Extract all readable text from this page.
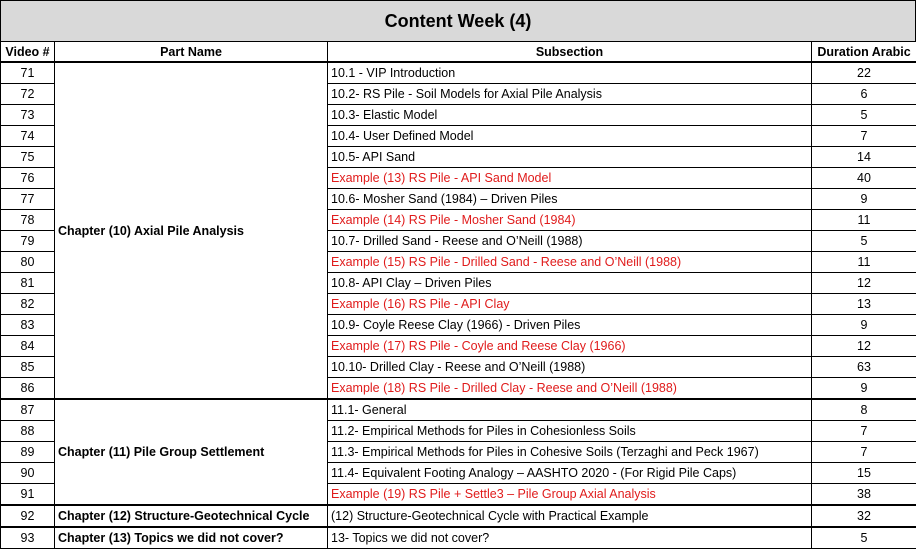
Content Week (4)
Video #	Part Name	Subsection	Duration Arabic
71	Chapter (10) Axial Pile Analysis	10.1 - VIP Introduction	22
72		10.2- RS Pile - Soil Models for Axial Pile Analysis	6
73		10.3- Elastic Model	5
74		10.4- User Defined Model	7
75		10.5- API Sand	14
76		Example (13) RS Pile - API Sand Model	40
77		10.6- Mosher Sand (1984) – Driven Piles	9
78		Example (14) RS Pile - Mosher Sand (1984)	11
79		10.7- Drilled Sand - Reese and O’Neill (1988)	5
80		Example (15) RS Pile - Drilled Sand - Reese and O’Neill (1988)	11
81		10.8- API Clay – Driven Piles	12
82		Example (16) RS Pile - API Clay	13
83		10.9- Coyle Reese Clay (1966) - Driven Piles	9
84		Example (17) RS Pile - Coyle and Reese Clay (1966)	12
85		10.10- Drilled Clay - Reese and O’Neill (1988)	63
86		Example (18) RS Pile - Drilled Clay - Reese and O’Neill (1988)	9
87	Chapter (11) Pile Group Settlement	11.1- General	8
88		11.2- Empirical Methods for Piles in Cohesionless Soils	7
89		11.3- Empirical Methods for Piles in Cohesive Soils (Terzaghi and Peck 1967)	7
90		11.4- Equivalent Footing Analogy – AASHTO 2020 - (For Rigid Pile Caps)	15
91		Example (19) RS Pile + Settle3 – Pile Group Axial Analysis	38
92	Chapter (12) Structure-Geotechnical Cycle	(12) Structure-Geotechnical Cycle with Practical Example	32
93	Chapter (13) Topics we did not cover?	13- Topics we did not cover?	5
